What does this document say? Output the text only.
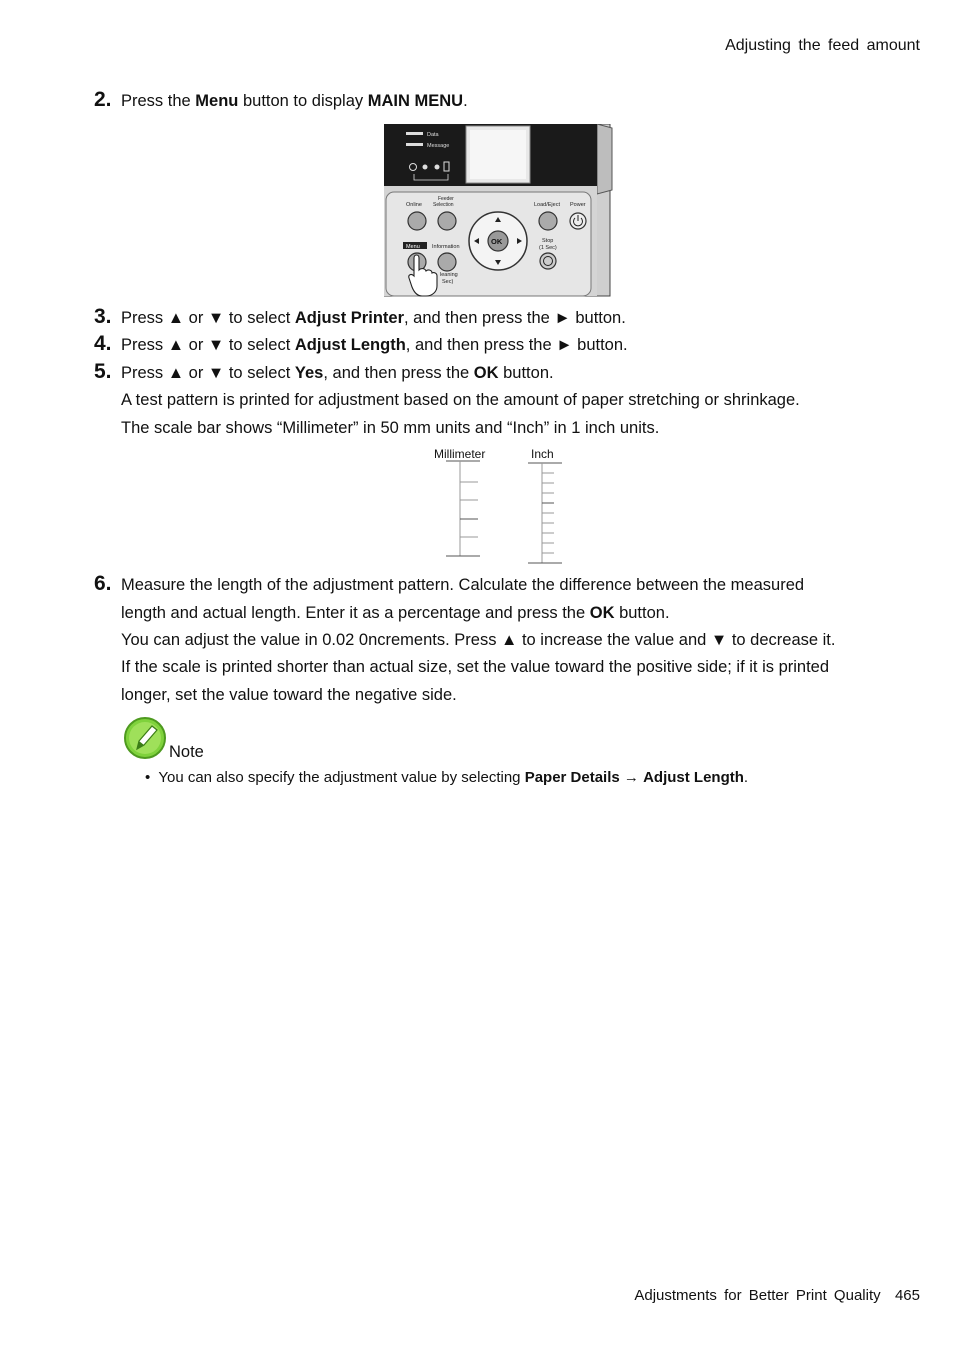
Adjusting the feed amount
2. Press the Menu button to display MAIN MENU.
Data
Message
Online
Feeder
Selection
Menu Information
leaning
Sec)
OK
Load/Eject Power
Stop
(1 Sec)
3. Press ▲ or ▼ to select Adjust Printer, and then press the ► button.
4. Press ▲ or ▼ to select Adjust Length, and then press the ► button.
5. Press ▲ or ▼ to select Yes, and then press the OK button.
A test pattern is printed for adjustment based on the amount of paper stretching or shrinkage.
The scale bar shows “Millimeter” in 50 mm units and “Inch” in 1 inch units.
Millimeter	Inch
6. Measure the length of the adjustment pattern. Calculate the difference between the measured
length and actual length. Enter it as a percentage and press the OK button.
You can adjust the value in 0.02 0ncrements. Press ▲ to increase the value and ▼ to decrease it.
If the scale is printed shorter than actual size, set the value toward the positive side; if it is printed
longer, set the value toward the negative side.
Note
• You can also specify the adjustment value by selecting Paper Details → Adjust Length.
Adjustments for Better Print Quality 465
